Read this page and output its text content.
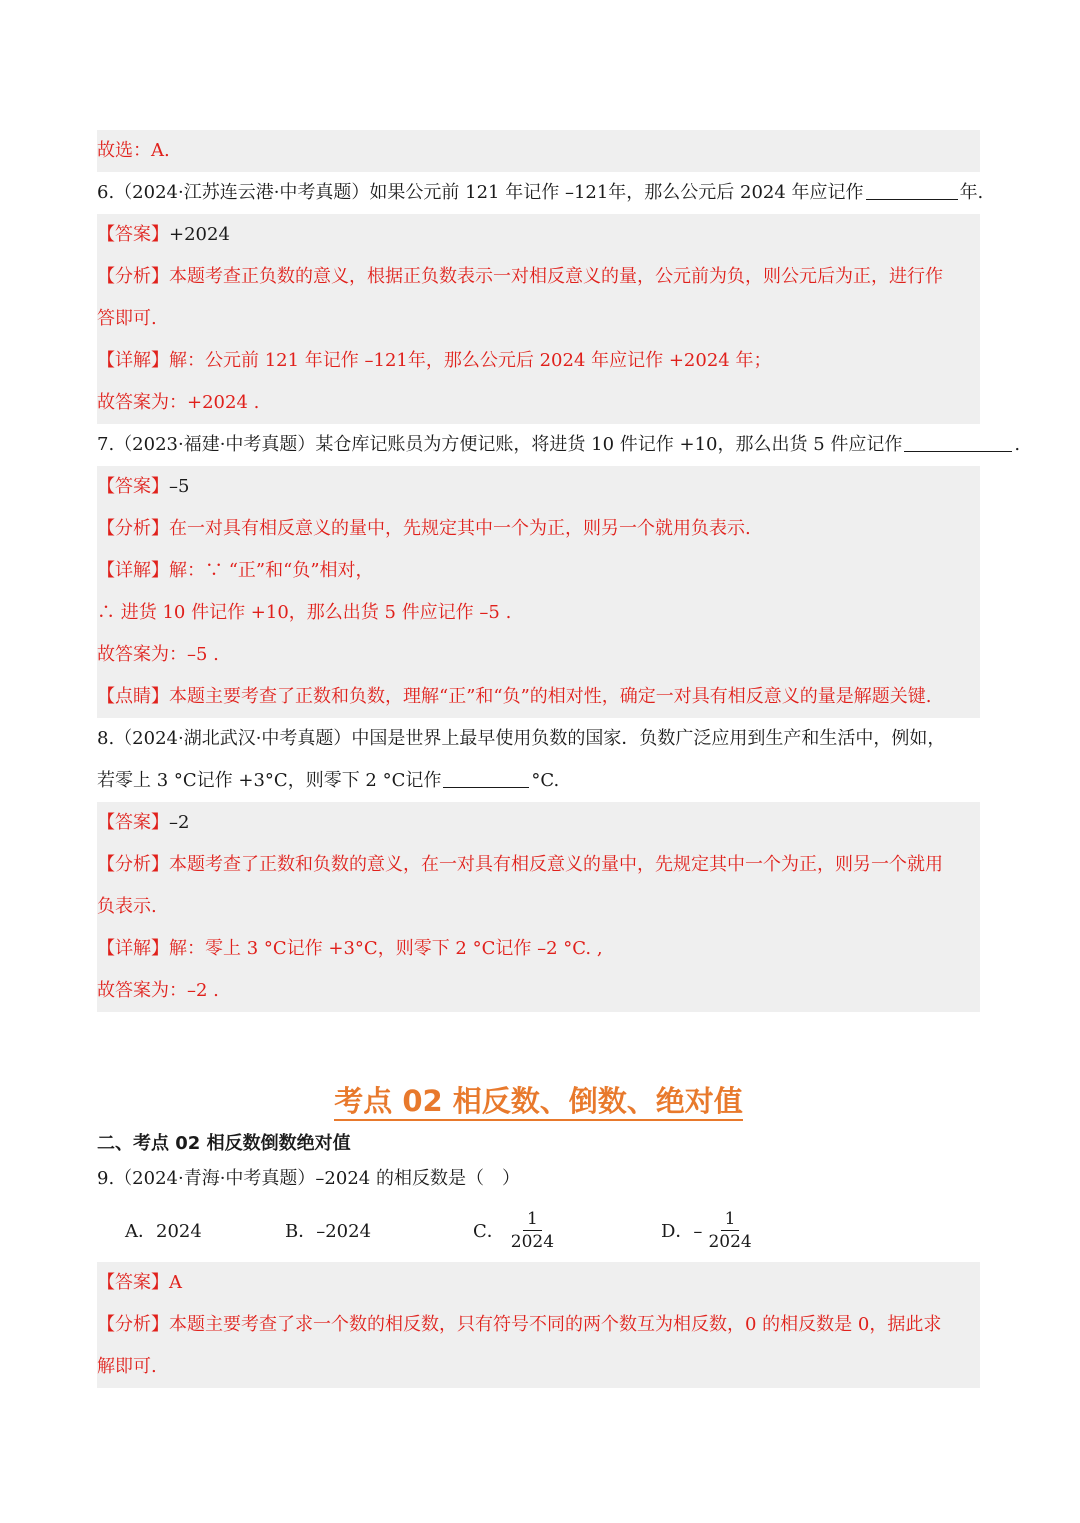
故选：A.
6.（2024·江苏连云港·中考真题）如果公元前 121 年记作 –121年，那么公元后 2024 年应记作	年.
【答案】+2024
【分析】本题考查正负数的意义，根据正负数表示一对相反意义的量，公元前为负，则公元后为正，进行作
答即可.
【详解】解：公元前 121 年记作 –121年，那么公元后 2024 年应记作 +2024 年；
故答案为：+2024 .
7.（2023·福建·中考真题）某仓库记账员为方便记账，将进货 10 件记作 +10，那么出货 5 件应记作	.
【答案】–5
【分析】在一对具有相反意义的量中，先规定其中一个为正，则另一个就用负表示.
【详解】解：∵ “正”和“负”相对，
∴ 进货 10 件记作 +10，那么出货 5 件应记作 –5 .
故答案为：–5 .
【点睛】本题主要考查了正数和负数，理解“正”和“负”的相对性，确定一对具有相反意义的量是解题关键.
8.（2024·湖北武汉·中考真题）中国是世界上最早使用负数的国家．负数广泛应用到生产和生活中，例如，
若零上 3 °C记作 +3°C，则零下 2 °C记作	°C.
【答案】–2
【分析】本题考查了正数和负数的意义，在一对具有相反意义的量中，先规定其中一个为正，则另一个就用
负表示.
【详解】解：零上 3 °C记作 +3°C，则零下 2 °C记作 –2 °C. ,
故答案为：–2 .
考点 02 相反数、倒数、绝对值
二、考点 02 相反数倒数绝对值
9.（2024·青海·中考真题）–2024 的相反数是（　）
A．2024	B．–2024	C． $\frac{1}{2024}$	D．– $\frac{1}{2024}$
【答案】A
【分析】本题主要考查了求一个数的相反数，只有符号不同的两个数互为相反数，0 的相反数是 0，据此求
解即可.
